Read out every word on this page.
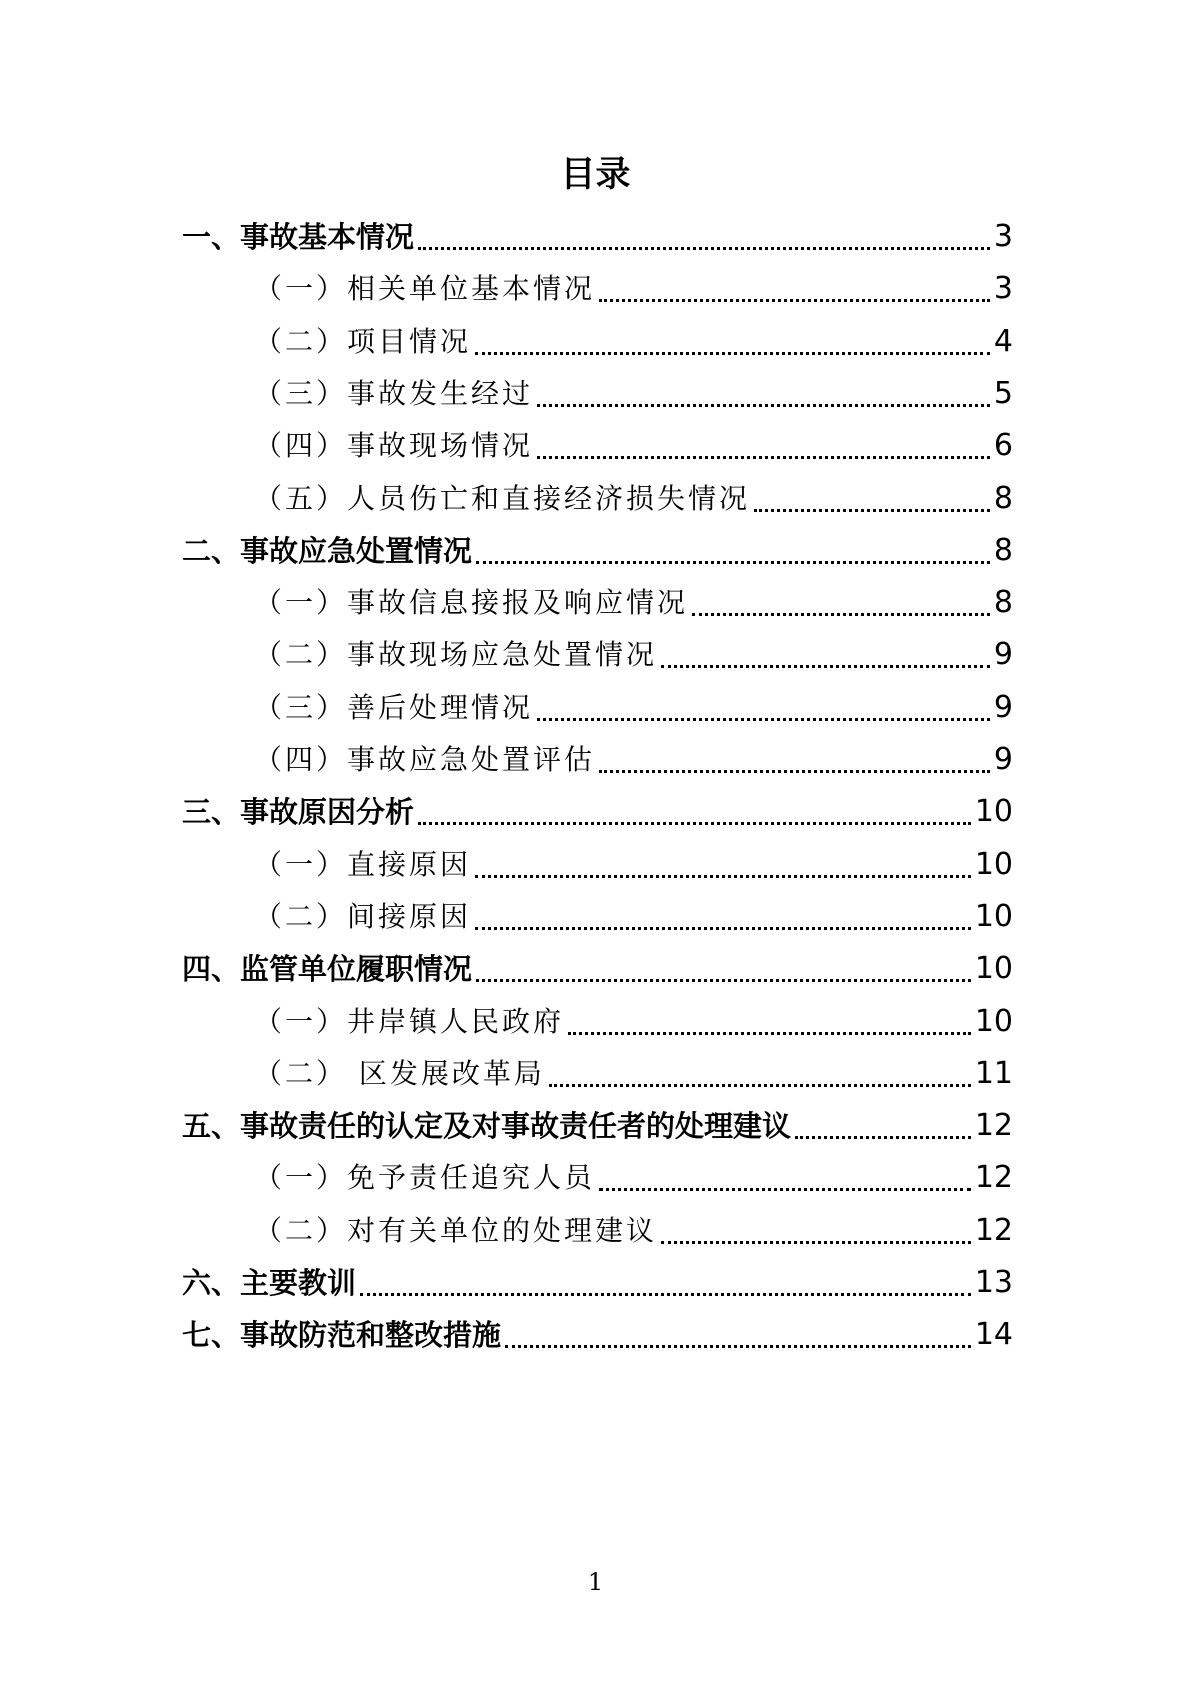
目录
一、事故基本情况	3
（一）相关单位基本情况	3
（二）项目情况	4
（三）事故发生经过	5
（四）事故现场情况	6
（五）人员伤亡和直接经济损失情况	8
二、事故应急处置情况	8
（一）事故信息接报及响应情况	8
（二）事故现场应急处置情况	9
（三）善后处理情况	9
（四）事故应急处置评估	9
三、事故原因分析	10
（一）直接原因	10
（二）间接原因	10
四、监管单位履职情况	10
（一）井岸镇人民政府	10
（二） 区发展改革局	11
五、事故责任的认定及对事故责任者的处理建议	12
（一）免予责任追究人员	12
（二）对有关单位的处理建议	12
六、主要教训	13
七、事故防范和整改措施	14
1
